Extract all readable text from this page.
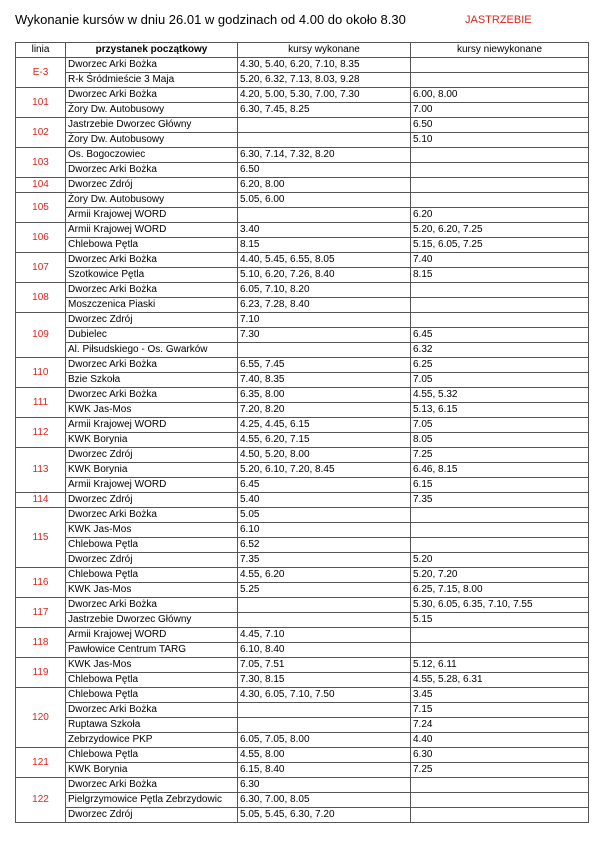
Wykonanie kursów w dniu 26.01 w godzinach od 4.00 do około 8.30	JASTRZEBIE
linia	przystanek początkowy	kursy wykonane	kursy niewykonane
E-3	Dworzec Arki Bożka	4.30, 5.40, 6.20, 7.10, 8.35	
	R-k Śródmieście 3 Maja	5.20, 6.32, 7.13, 8.03, 9.28	
101	Dworzec Arki Bożka	4.20, 5.00, 5.30, 7.00, 7.30	6.00, 8.00
	Żory Dw. Autobusowy	6.30, 7.45, 8.25	7.00
102	Jastrzebie Dworzec Główny		6.50
	Żory Dw. Autobusowy		5.10
103	Os. Bogoczowiec	6.30, 7.14, 7.32, 8.20	
	Dworzec Arki Bożka	6.50	
104	Dworzec Zdrój	6.20, 8.00	
105	Żory Dw. Autobusowy	5.05, 6.00	
	Armii Krajowej WORD		6.20
106	Armii Krajowej WORD	3.40	5.20, 6.20, 7.25
	Chlebowa Pętla	8.15	5.15, 6.05, 7.25
107	Dworzec Arki Bożka	4.40, 5.45, 6.55, 8.05	7.40
	Szotkowice Pętla	5.10, 6.20, 7.26, 8.40	8.15
108	Dworzec Arki Bożka	6.05, 7.10, 8.20	
	Moszczenica Piaski	6.23, 7.28, 8.40	
109	Dworzec Zdrój	7.10	
	Dubielec	7.30	6.45
	Al. Piłsudskiego - Os. Gwarków		6.32
110	Dworzec Arki Bożka	6.55, 7.45	6.25
	Bzie Szkoła	7.40, 8.35	7.05
111	Dworzec Arki Bożka	6.35, 8.00	4.55, 5.32
	KWK Jas-Mos	7.20, 8.20	5.13, 6.15
112	Armii Krajowej WORD	4.25, 4.45, 6.15	7.05
	KWK Borynia	4.55, 6.20, 7.15	8.05
113	Dworzec Zdrój	4.50, 5.20, 8.00	7.25
	KWK Borynia	5.20, 6.10, 7.20, 8.45	6.46, 8.15
	Armii Krajowej WORD	6.45	6.15
114	Dworzec Zdrój	5.40	7.35
115	Dworzec Arki Bożka	5.05	
	KWK Jas-Mos	6.10	
	Chlebowa Pętla	6.52	
	Dworzec Zdrój	7.35	5.20
116	Chlebowa Pętla	4.55, 6.20	5.20, 7.20
	KWK Jas-Mos	5.25	6.25, 7.15, 8.00
117	Dworzec Arki Bożka		5.30, 6.05, 6.35, 7.10, 7.55
	Jastrzebie Dworzec Główny		5.15
118	Armii Krajowej WORD	4.45, 7.10	
	Pawłowice Centrum TARG	6.10, 8.40	
119	KWK Jas-Mos	7.05, 7.51	5.12, 6.11
	Chlebowa Pętla	7.30, 8.15	4.55, 5.28, 6.31
120	Chlebowa Pętla	4.30, 6.05, 7.10, 7.50	3.45
	Dworzec Arki Bożka		7.15
	Ruptawa Szkoła		7.24
	Zebrzydowice PKP	6.05, 7.05, 8.00	4.40
121	Chlebowa Pętla	4.55, 8.00	6.30
	KWK Borynia	6.15, 8.40	7.25
122	Dworzec Arki Bożka	6.30	
	Pielgrzymowice Pętla Zebrzydowic	6.30, 7.00, 8.05	
	Dworzec Zdrój	5.05, 5.45, 6.30, 7.20	
